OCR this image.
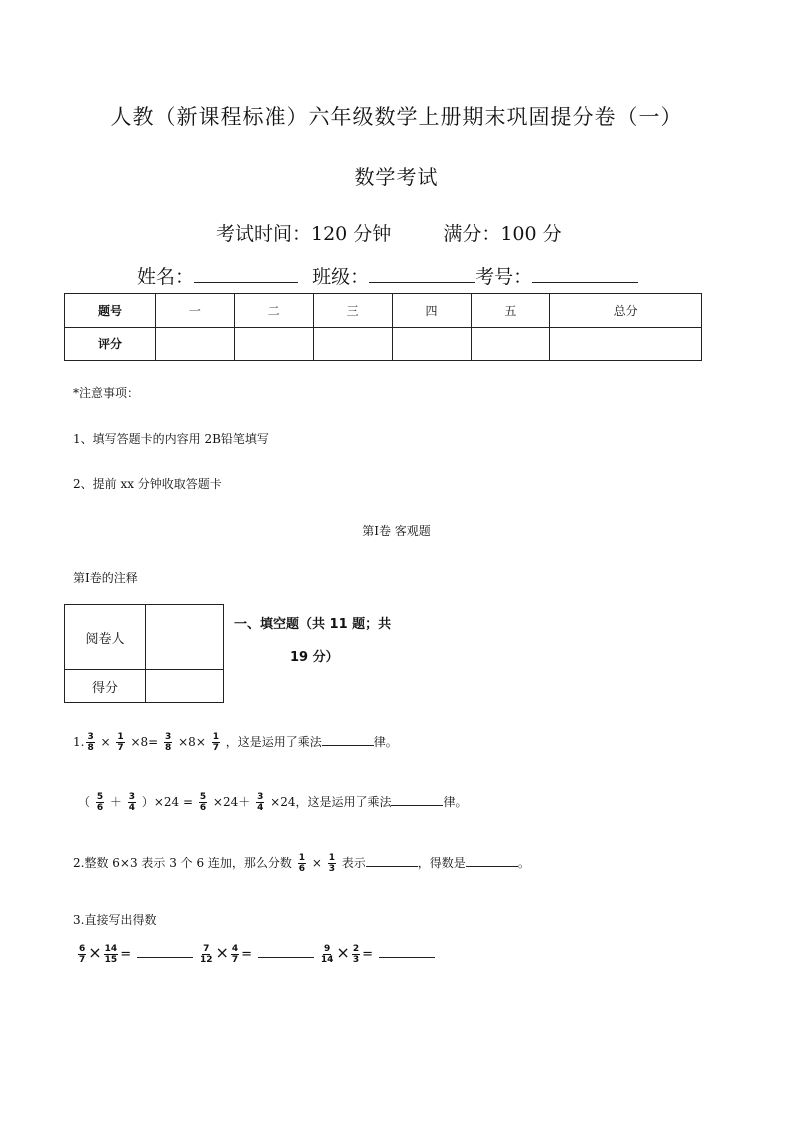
人教（新课程标准）六年级数学上册期末巩固提分卷（一）
数学考试
考试时间：120 分钟	满分：100 分
姓名：	班级：	考号：
题号	一	二	三	四	五	总分
评分						
*注意事项：
1、填写答题卡的内容用 2B铅笔填写
2、提前 xx 分钟收取答题卡
第Ⅰ卷 客观题
第Ⅰ卷的注释
阅卷人	
得分	
一、填空题（共 11 题；共
19 分）
1. $\frac{3}{8} \times \frac{1}{7} \times 8= \frac{3}{8} \times 8\times \frac{1}{7}$ ，这是运用了乘法	律。
（ $\frac{5}{6} + \frac{3}{4} )\times 24 = \frac{5}{6} \times 24+ \frac{3}{4} \times 24$，这是运用了乘法	律。
2.整数 6×3 表示 3 个 6 连加，那么分数 $\frac{1}{6} \times \frac{1}{3}$ 表示	，得数是	。
3.直接写出得数
$\frac{6}{7} \times \frac{14}{15}$ =	$\frac{7}{12} \times \frac{4}{7}$ =	$\frac{9}{14} \times \frac{2}{3}$ =
